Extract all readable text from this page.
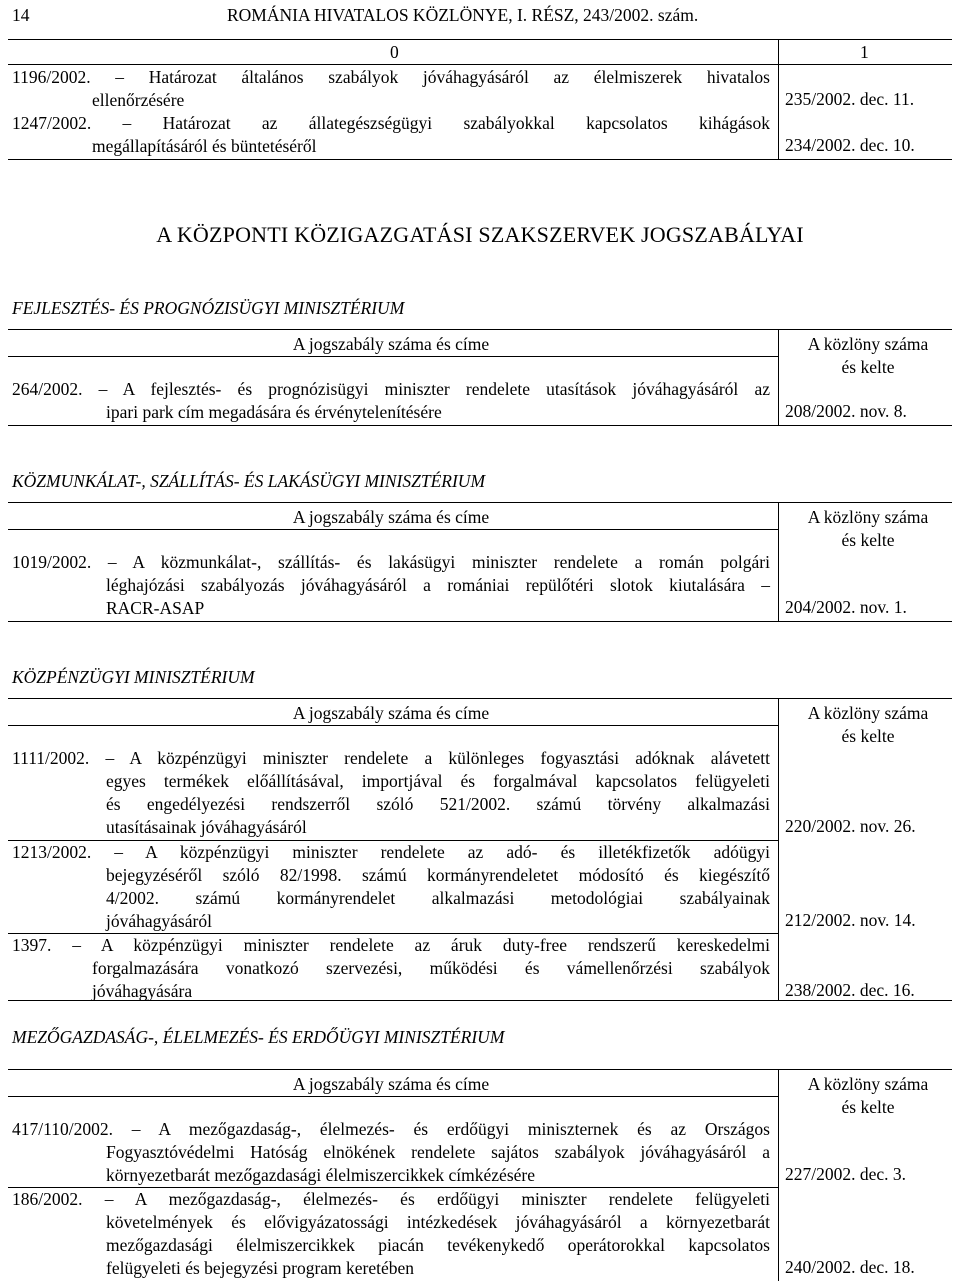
14	ROMÁNIA HIVATALOS KÖZLÖNYE, I. RÉSZ, 243/2002. szám.
0	1
1196/2002. – Határozat általános szabályok jóváhagyásáról az élelmiszerek hivatalos
ellenőrzésére	235/2002. dec. 11.
1247/2002. – Határozat az állategészségügyi szabályokkal kapcsolatos kihágások
megállapításáról és büntetéséről	234/2002. dec. 10.
A KÖZPONTI KÖZIGAZGATÁSI SZAKSZERVEK JOGSZABÁLYAI
FEJLESZTÉS- ÉS PROGNÓZISÜGYI MINISZTÉRIUM
A jogszabály száma és címe	A közlöny száma
és kelte
264/2002. – A fejlesztés- és prognózisügyi miniszter rendelete utasítások jóváhagyásáról az
ipari park cím megadására és érvénytelenítésére	208/2002. nov. 8.
KÖZMUNKÁLAT-, SZÁLLÍTÁS- ÉS LAKÁSÜGYI MINISZTÉRIUM
A jogszabály száma és címe	A közlöny száma
és kelte
1019/2002. – A közmunkálat-, szállítás- és lakásügyi miniszter rendelete a román polgári
léghajózási szabályozás jóváhagyásáról a romániai repülőtéri slotok kiutalására –
RACR-ASAP	204/2002. nov. 1.
KÖZPÉNZÜGYI MINISZTÉRIUM
A jogszabály száma és címe	A közlöny száma
és kelte
1111/2002. – A közpénzügyi miniszter rendelete a különleges fogyasztási adóknak alávetett
egyes termékek előállításával, importjával és forgalmával kapcsolatos felügyeleti
és engedélyezési rendszerről szóló 521/2002. számú törvény alkalmazási
utasításainak jóváhagyásáról	220/2002. nov. 26.
1213/2002. – A közpénzügyi miniszter rendelete az adó- és illetékfizetők adóügyi
bejegyzéséről szóló 82/1998. számú kormányrendeletet módosító és kiegészítő
4/2002. számú kormányrendelet alkalmazási metodológiai szabályainak
jóváhagyásáról	212/2002. nov. 14.
1397. – A közpénzügyi miniszter rendelete az áruk duty-free rendszerű kereskedelmi
forgalmazására vonatkozó szervezési, működési és vámellenőrzési szabályok
jóváhagyására	238/2002. dec. 16.
MEZŐGAZDASÁG-, ÉLELMEZÉS- ÉS ERDŐÜGYI MINISZTÉRIUM
A jogszabály száma és címe	A közlöny száma
és kelte
417/110/2002. – A mezőgazdaság-, élelmezés- és erdőügyi miniszternek és az Országos
Fogyasztóvédelmi Hatóság elnökének rendelete sajátos szabályok jóváhagyásáról a
környezetbarát mezőgazdasági élelmiszercikkek címkézésére	227/2002. dec. 3.
186/2002. – A mezőgazdaság-, élelmezés- és erdőügyi miniszter rendelete felügyeleti
követelmények és elővigyázatossági intézkedések jóváhagyásáról a környezetbarát
mezőgazdasági élelmiszercikkek piacán tevékenykedő operátorokkal kapcsolatos
felügyeleti és bejegyzési program keretében	240/2002. dec. 18.
